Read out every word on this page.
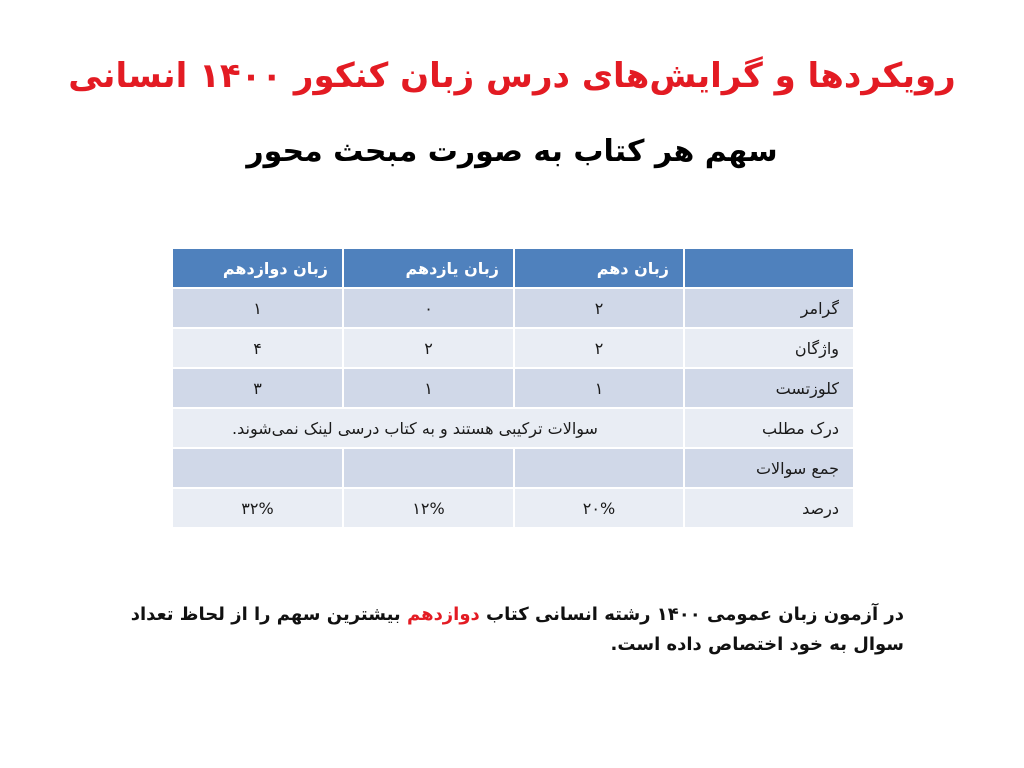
رویکردها و گرایش‌های درس زبان کنکور ۱۴۰۰ انسانی
سهم هر کتاب به صورت مبحث محور
	زبان دهم	زبان یازدهم	زبان دوازدهم
گرامر	۲	۰	۱
واژگان	۲	۲	۴
کلوزتست	۱	۱	۳
درک مطلب	سوالات ترکیبی هستند و به کتاب درسی لینک نمی‌شوند.		
جمع سوالات			
درصد	۲۰%	۱۲%	۳۲%
در آزمون زبان عمومی ۱۴۰۰ رشته انسانی کتاب دوازدهم بیشترین سهم را از لحاظ تعداد سوال به خود اختصاص داده است.
